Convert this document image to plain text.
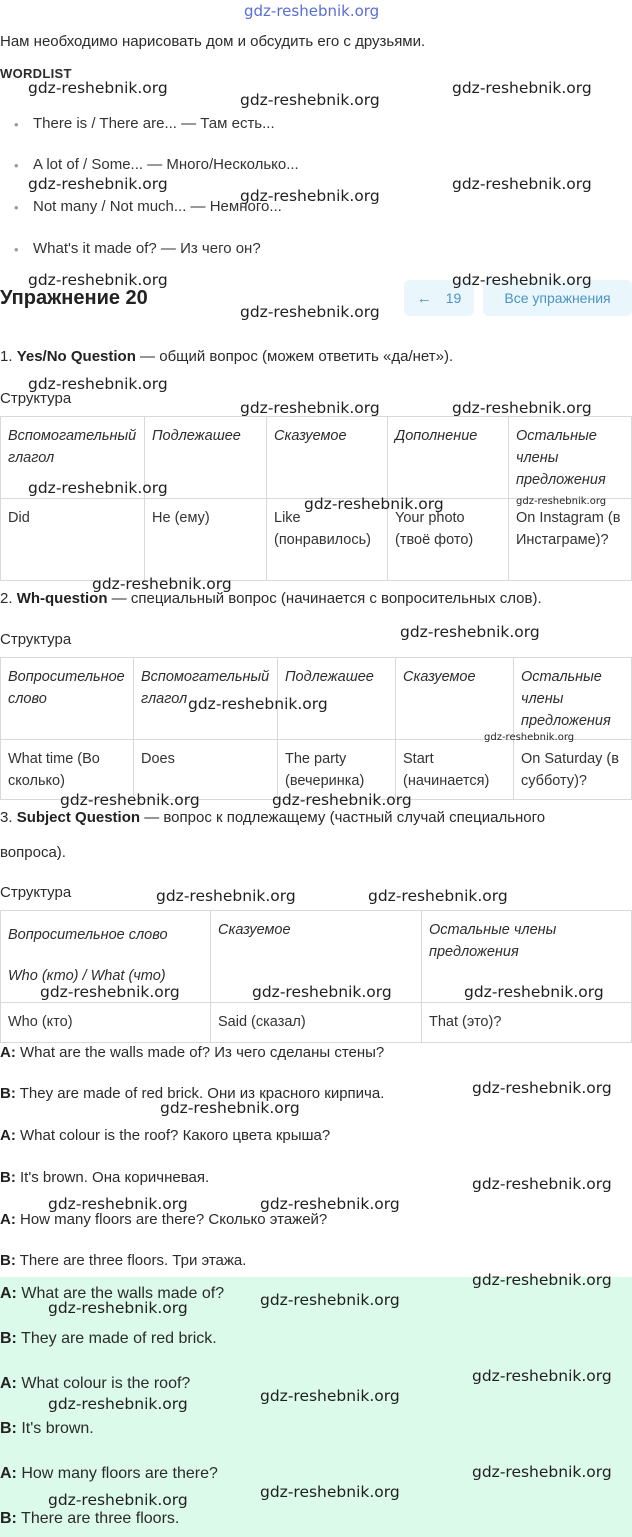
gdz-reshebnik.org
Нам необходимо нарисовать дом и обсудить его с друзьями.
WORDLIST
• There is / There are... — Там есть...
• A lot of / Some... — Много/Несколько...
• Not many / Not much... — Немного...
• What's it made of? — Из чего он?
Упражнение 20	← 19	Все упражнения
1. Yes/No Question — общий вопрос (можем ответить «да/нет»).
Структура
Вспомогательный глагол	Подлежашее	Сказуемое	Дополнение	Остальные члены предложения
Did	He (ему)	Like (понравилось)	Your photo (твоё фото)	On Instagram (в Инстаграме)?
2. Wh-question — специальный вопрос (начинается с вопросительных слов).
Структура
Вопросительное слово	Вспомогательный глагол	Подлежашее	Сказуемое	Остальные члены предложения
What time (Во сколько)	Does	The party (вечеринка)	Start (начинается)	On Saturday (в субботу)?
3. Subject Question — вопрос к подлежащему (частный случай специального
вопроса).
Структура
Вопросительное слово
Who (кто) / What (что)	Сказуемое	Остальные члены предложения
Who (кто)	Said (сказал)	That (это)?
A: What are the walls made of? Из чего сделаны стены?
B: They are made of red brick. Они из красного кирпича.
A: What colour is the roof? Какого цвета крыша?
B: It's brown. Она коричневая.
A: How many floors are there? Сколько этажей?
B: There are three floors. Три этажа.
A: What are the walls made of?
B: They are made of red brick.
A: What colour is the roof?
B: It's brown.
A: How many floors are there?
B: There are three floors.
gdz-reshebnik.org
gdz-reshebnik.org
gdz-reshebnik.org
gdz-reshebnik.org
gdz-reshebnik.org
gdz-reshebnik.org
gdz-reshebnik.org	gdz-reshebnik.org
gdz-reshebnik.org
gdz-reshebnik.org
gdz-reshebnik.org	gdz-reshebnik.org
gdz-reshebnik.org
gdz-reshebnik.org	gdz-reshebnik.org
gdz-reshebnik.org
gdz-reshebnik.org
gdz-reshebnik.org
gdz-reshebnik.org
gdz-reshebnik.org	gdz-reshebnik.org
gdz-reshebnik.org	gdz-reshebnik.org
gdz-reshebnik.org	gdz-reshebnik.org	gdz-reshebnik.org
gdz-reshebnik.org
gdz-reshebnik.org
gdz-reshebnik.org
gdz-reshebnik.org	gdz-reshebnik.org
gdz-reshebnik.org
gdz-reshebnik.org	gdz-reshebnik.org
gdz-reshebnik.org
gdz-reshebnik.org	gdz-reshebnik.org
gdz-reshebnik.org
gdz-reshebnik.org	gdz-reshebnik.org
